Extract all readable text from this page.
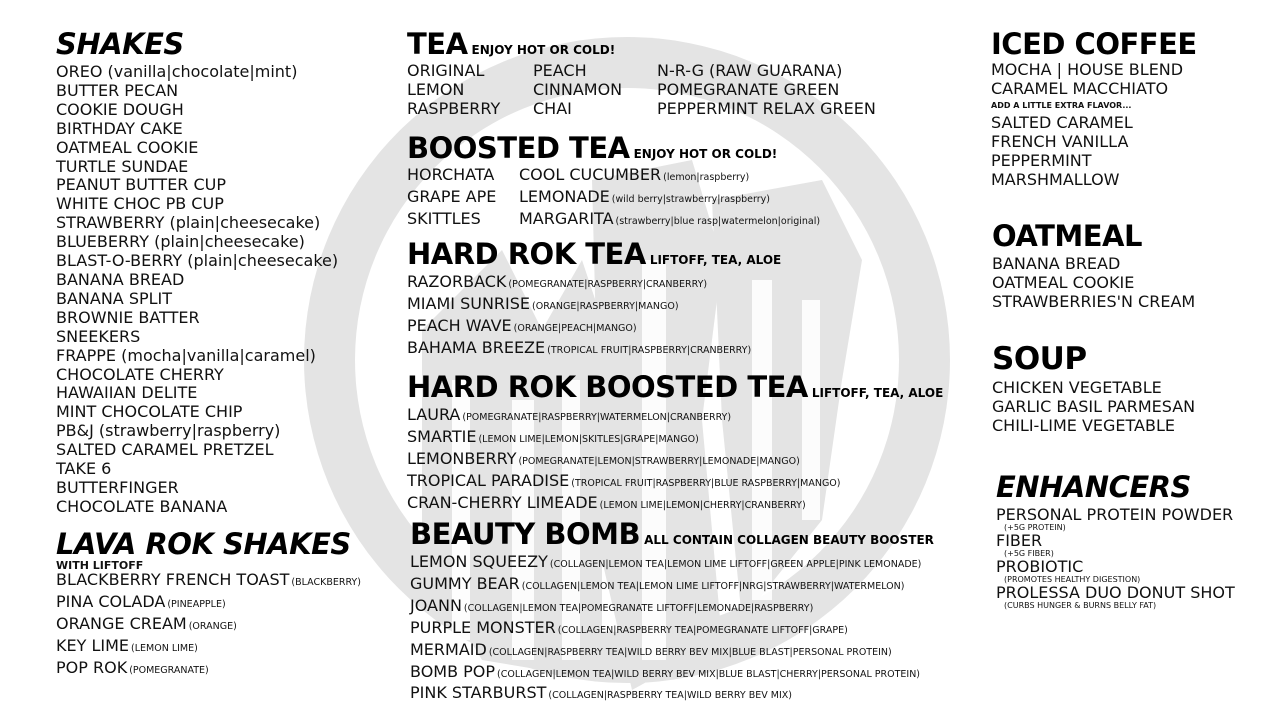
SHAKES
OREO (vanilla|chocolate|mint)
BUTTER PECAN
COOKIE DOUGH
BIRTHDAY CAKE
OATMEAL COOKIE
TURTLE SUNDAE
PEANUT BUTTER CUP
WHITE CHOC PB CUP
STRAWBERRY (plain|cheesecake)
BLUEBERRY (plain|cheesecake)
BLAST-O-BERRY (plain|cheesecake)
BANANA BREAD
BANANA SPLIT
BROWNIE BATTER
SNEEKERS
FRAPPE (mocha|vanilla|caramel)
CHOCOLATE CHERRY
HAWAIIAN DELITE
MINT CHOCOLATE CHIP
PB&J (strawberry|raspberry)
SALTED CARAMEL PRETZEL
TAKE 6
BUTTERFINGER
CHOCOLATE BANANA
LAVA ROK SHAKES
WITH LIFTOFF
BLACKBERRY FRENCH TOAST (BLACKBERRY)
PINA COLADA (PINEAPPLE)
ORANGE CREAM (ORANGE)
KEY LIME (LEMON LIME)
POP ROK (POMEGRANATE)
TEA ENJOY HOT OR COLD!
ORIGINAL	PEACH	N-R-G (RAW GUARANA)
LEMON	CINNAMON	POMEGRANATE GREEN
RASPBERRY	CHAI	PEPPERMINT RELAX GREEN
BOOSTED TEA ENJOY HOT OR COLD!
HORCHATA	COOL CUCUMBER (lemon|raspberry)
GRAPE APE	LEMONADE (wild berry|strawberry|raspberry)
SKITTLES	MARGARITA (strawberry|blue rasp|watermelon|original)
HARD ROK TEA LIFTOFF, TEA, ALOE
RAZORBACK (POMEGRANATE|RASPBERRY|CRANBERRY)
MIAMI SUNRISE (ORANGE|RASPBERRY|MANGO)
PEACH WAVE (ORANGE|PEACH|MANGO)
BAHAMA BREEZE (TROPICAL FRUIT|RASPBERRY|CRANBERRY)
HARD ROK BOOSTED TEA LIFTOFF, TEA, ALOE
LAURA (POMEGRANATE|RASPBERRY|WATERMELON|CRANBERRY)
SMARTIE (LEMON LIME|LEMON|SKITLES|GRAPE|MANGO)
LEMONBERRY (POMEGRANATE|LEMON|STRAWBERRY|LEMONADE|MANGO)
TROPICAL PARADISE (TROPICAL FRUIT|RASPBERRY|BLUE RASPBERRY|MANGO)
CRAN-CHERRY LIMEADE (LEMON LIME|LEMON|CHERRY|CRANBERRY)
BEAUTY BOMB ALL CONTAIN COLLAGEN BEAUTY BOOSTER
LEMON SQUEEZY (COLLAGEN|LEMON TEA|LEMON LIME LIFTOFF|GREEN APPLE|PINK LEMONADE)
GUMMY BEAR (COLLAGEN|LEMON TEA|LEMON LIME LIFTOFF|NRG|STRAWBERRY|WATERMELON)
JOANN (COLLAGEN|LEMON TEA|POMEGRANATE LIFTOFF|LEMONADE|RASPBERRY)
PURPLE MONSTER (COLLAGEN|RASPBERRY TEA|POMEGRANATE LIFTOFF|GRAPE)
MERMAID (COLLAGEN|RASPBERRY TEA|WILD BERRY BEV MIX|BLUE BLAST|PERSONAL PROTEIN)
BOMB POP (COLLAGEN|LEMON TEA|WILD BERRY BEV MIX|BLUE BLAST|CHERRY|PERSONAL PROTEIN)
PINK STARBURST (COLLAGEN|RASPBERRY TEA|WILD BERRY BEV MIX)
ICED COFFEE
MOCHA | HOUSE BLEND
CARAMEL MACCHIATO
ADD A LITTLE EXTRA FLAVOR...
SALTED CARAMEL
FRENCH VANILLA
PEPPERMINT
MARSHMALLOW
OATMEAL
BANANA BREAD
OATMEAL COOKIE
STRAWBERRIES'N CREAM
SOUP
CHICKEN VEGETABLE
GARLIC BASIL PARMESAN
CHILI-LIME VEGETABLE
ENHANCERS
PERSONAL PROTEIN POWDER
(+5G PROTEIN)
FIBER
(+5G FIBER)
PROBIOTIC
(PROMOTES HEALTHY DIGESTION)
PROLESSA DUO DONUT SHOT
(CURBS HUNGER & BURNS BELLY FAT)
